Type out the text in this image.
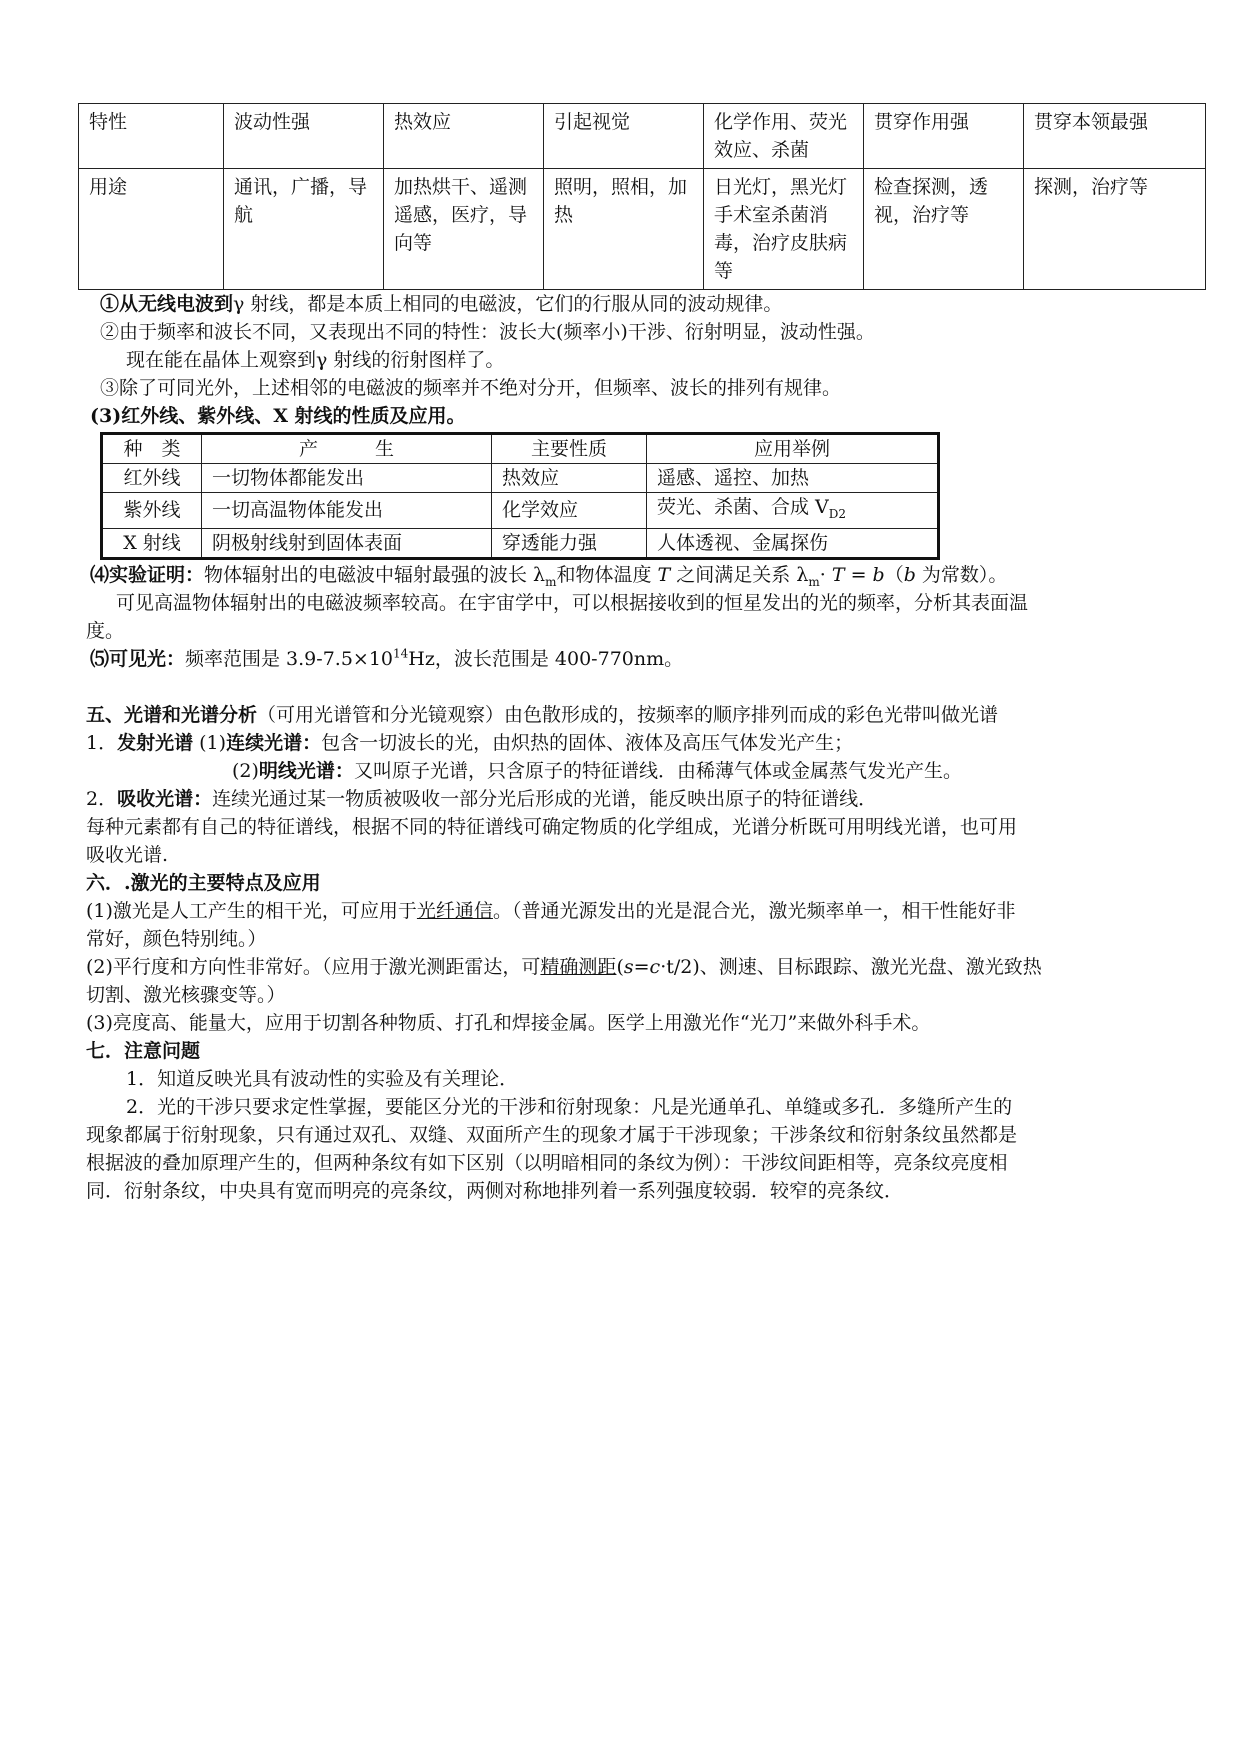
特性	波动性强	热效应	引起视觉	化学作用、荧光效应、杀菌	贯穿作用强	贯穿本领最强
用途	通讯，广播，导航	加热烘干、遥测遥感，医疗，导向等	照明，照相，加热	日光灯，黑光灯手术室杀菌消毒，治疗皮肤病等	检查探测，透视，治疗等	探测，治疗等
①从无线电波到γ 射线，都是本质上相同的电磁波，它们的行服从同的波动规律。
②由于频率和波长不同，又表现出不同的特性：波长大(频率小)干涉、衍射明显，波动性强。
现在能在晶体上观察到γ 射线的衍射图样了。
③除了可同光外，上述相邻的电磁波的频率并不绝对分开，但频率、波长的排列有规律。
(3)红外线、紫外线、X 射线的性质及应用。
种　类	产　　　生	主要性质	应用举例
红外线	一切物体都能发出	热效应	遥感、遥控、加热
紫外线	一切高温物体能发出	化学效应	荧光、杀菌、合成 $V_{D2}$
X 射线	阴极射线射到固体表面	穿透能力强	人体透视、金属探伤
⑷实验证明：物体辐射出的电磁波中辐射最强的波长 $\lambda_m$和物体温度 T 之间满足关系 $\lambda_m\cdot T = b(b$ 为常数）。
可见高温物体辐射出的电磁波频率较高。在宇宙学中，可以根据接收到的恒星发出的光的频率，分析其表面温
度。
⑸可见光：频率范围是 $3.9-7.5\times 10^{14}Hz$，波长范围是 400-770nm。
五、光谱和光谱分析（可用光谱管和分光镜观察）由色散形成的，按频率的顺序排列而成的彩色光带叫做光谱
1．发射光谱 (1)连续光谱：包含一切波长的光，由炽热的固体、液体及高压气体发光产生；
(2)明线光谱：又叫原子光谱，只含原子的特征谱线．由稀薄气体或金属蒸气发光产生。
2．吸收光谱：连续光通过某一物质被吸收一部分光后形成的光谱，能反映出原子的特征谱线．
每种元素都有自己的特征谱线，根据不同的特征谱线可确定物质的化学组成，光谱分析既可用明线光谱，也可用
吸收光谱.
六．.激光的主要特点及应用
(1)激光是人工产生的相干光，可应用于光纤通信。（普通光源发出的光是混合光，激光频率单一，相干性能好非
常好，颜色特别纯。）
(2)平行度和方向性非常好。（应用于激光测距雷达，可精确测距(s=c·t/2)、测速、目标跟踪、激光光盘、激光致热
切割、激光核骤变等。）
(3)亮度高、能量大，应用于切割各种物质、打孔和焊接金属。医学上用激光作“光刀”来做外科手术。
七．注意问题
1．知道反映光具有波动性的实验及有关理论．
2．光的干涉只要求定性掌握，要能区分光的干涉和衍射现象：凡是光通单孔、单缝或多孔．多缝所产生的
现象都属于衍射现象，只有通过双孔、双缝、双面所产生的现象才属于干涉现象；干涉条纹和衍射条纹虽然都是
根据波的叠加原理产生的，但两种条纹有如下区别（以明暗相同的条纹为例）：干涉纹间距相等，亮条纹亮度相
同．衍射条纹，中央具有宽而明亮的亮条纹，两侧对称地排列着一系列强度较弱．较窄的亮条纹．
